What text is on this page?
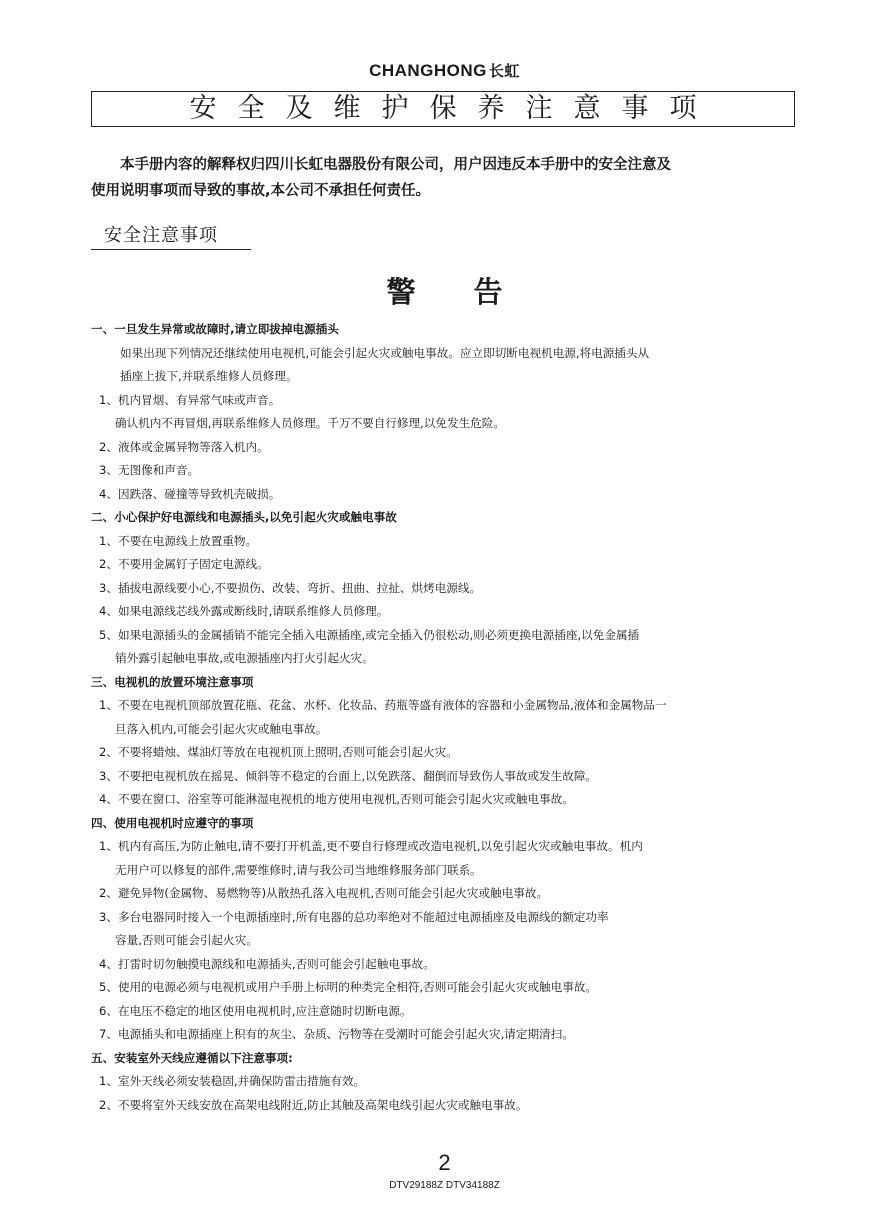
CHANGHONG 长虹
安全及维护保养注意事项
本手册内容的解释权归四川长虹电器股份有限公司，用户因违反本手册中的安全注意及
使用说明事项而导致的事故,本公司不承担任何责任。
安全注意事项
警告
一、一旦发生异常或故障时,请立即拔掉电源插头
如果出现下列情况还继续使用电视机,可能会引起火灾或触电事故。应立即切断电视机电源,将电源插头从
插座上拔下,并联系维修人员修理。
1、机内冒烟、有异常气味或声音。
确认机内不再冒烟,再联系维修人员修理。千万不要自行修理,以免发生危险。
2、液体或金属异物等落入机内。
3、无图像和声音。
4、因跌落、碰撞等导致机壳破损。
二、小心保护好电源线和电源插头,以免引起火灾或触电事故
1、不要在电源线上放置重物。
2、不要用金属钉子固定电源线。
3、插拔电源线要小心,不要损伤、改装、弯折、扭曲、拉扯、烘烤电源线。
4、如果电源线芯线外露或断线时,请联系维修人员修理。
5、如果电源插头的金属插销不能完全插入电源插座,或完全插入仍很松动,则必须更换电源插座,以免金属插
销外露引起触电事故,或电源插座内打火引起火灾。
三、电视机的放置环境注意事项
1、不要在电视机顶部放置花瓶、花盆、水杯、化妆品、药瓶等盛有液体的容器和小金属物品,液体和金属物品一
旦落入机内,可能会引起火灾或触电事故。
2、不要将蜡烛、煤油灯等放在电视机顶上照明,否则可能会引起火灾。
3、不要把电视机放在摇晃、倾斜等不稳定的台面上,以免跌落、翻倒而导致伤人事故或发生故障。
4、不要在窗口、浴室等可能淋湿电视机的地方使用电视机,否则可能会引起火灾或触电事故。
四、使用电视机时应遵守的事项
1、机内有高压,为防止触电,请不要打开机盖,更不要自行修理或改造电视机,以免引起火灾或触电事故。机内
无用户可以修复的部件,需要维修时,请与我公司当地维修服务部门联系。
2、避免异物(金属物、易燃物等)从散热孔落入电视机,否则可能会引起火灾或触电事故。
3、多台电器同时接入一个电源插座时,所有电器的总功率绝对不能超过电源插座及电源线的额定功率
容量,否则可能会引起火灾。
4、打雷时切勿触摸电源线和电源插头,否则可能会引起触电事故。
5、使用的电源必须与电视机或用户手册上标明的种类完全相符,否则可能会引起火灾或触电事故。
6、在电压不稳定的地区使用电视机时,应注意随时切断电源。
7、电源插头和电源插座上积有的灰尘、杂质、污物等在受潮时可能会引起火灾,请定期清扫。
五、安装室外天线应遵循以下注意事项:
1、室外天线必须安装稳固,并确保防雷击措施有效。
2、不要将室外天线安放在高架电线附近,防止其触及高架电线引起火灾或触电事故。
2
DTV29188Z DTV34188Z
